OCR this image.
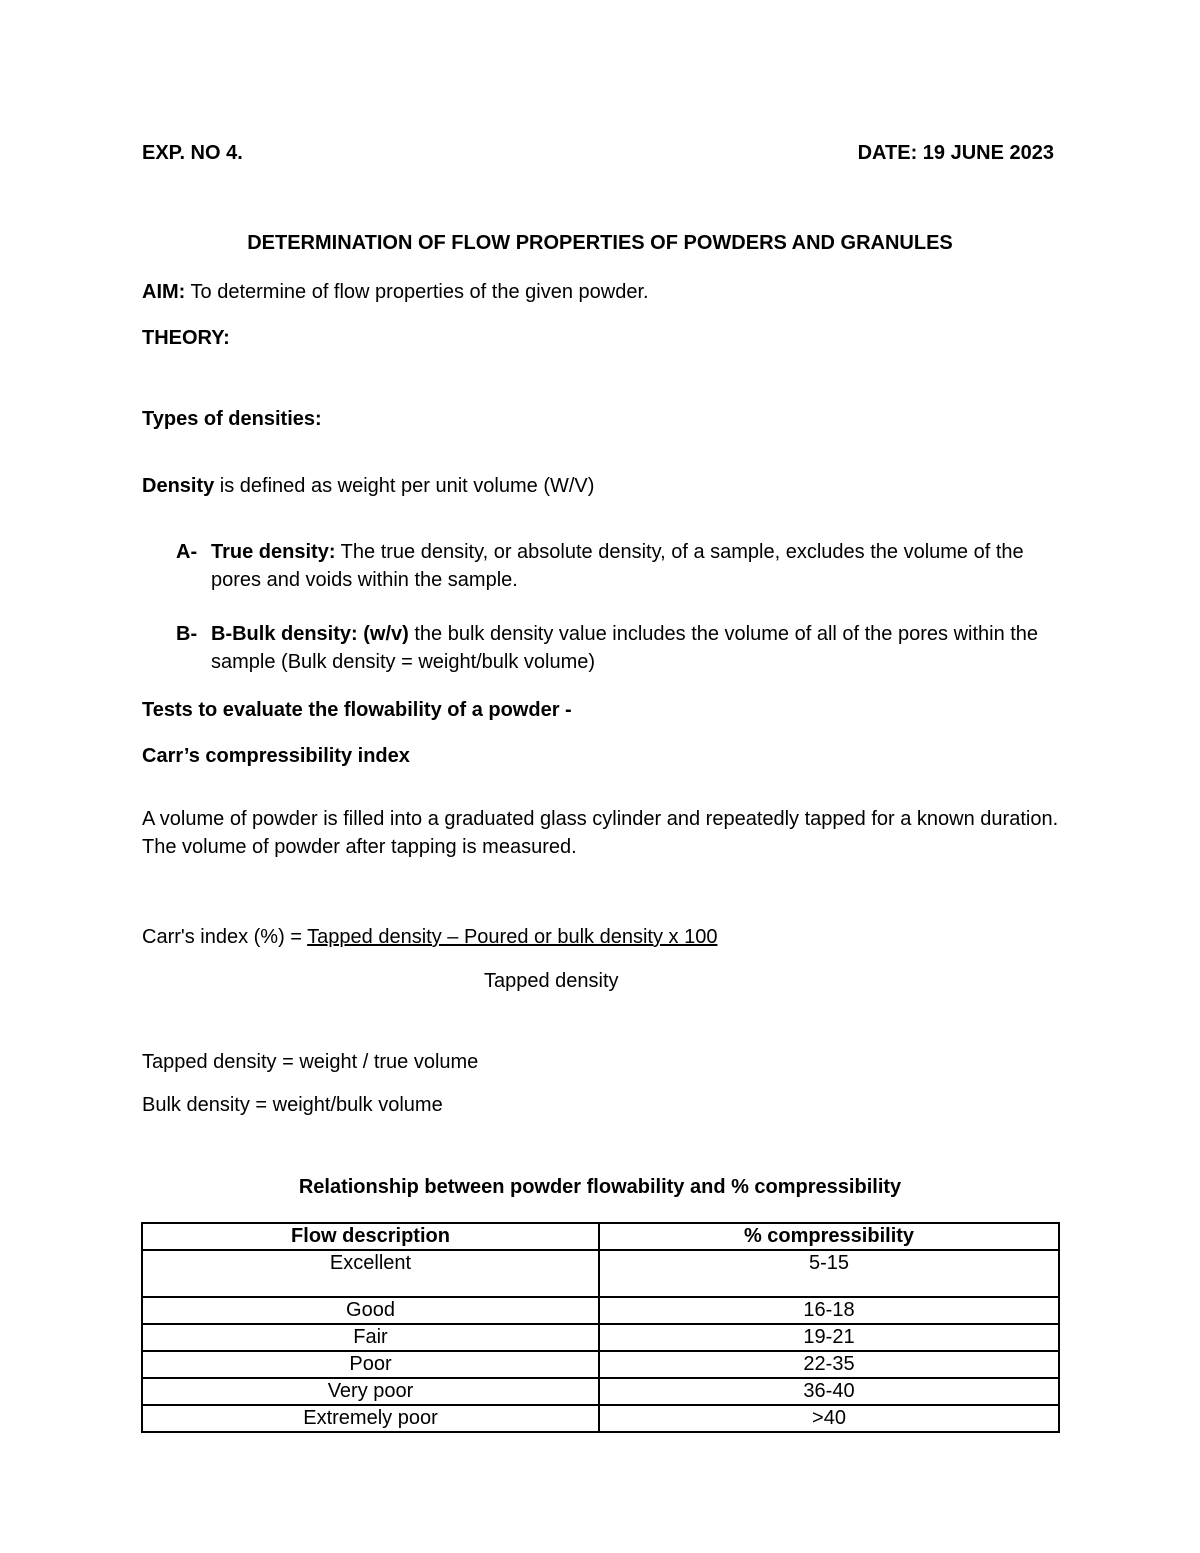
EXP. NO 4.	DATE: 19 JUNE 2023
DETERMINATION OF FLOW PROPERTIES OF POWDERS AND GRANULES
AIM: To determine of flow properties of the given powder.
THEORY:
Types of densities:
Density is defined as weight per unit volume (W/V)
A- True density: The true density, or absolute density, of a sample, excludes the volume of the pores and voids within the sample.
B- B-Bulk density: (w/v) the bulk density value includes the volume of all of the pores within the sample (Bulk density = weight/bulk volume)
Tests to evaluate the flowability of a powder -
Carr’s compressibility index
A volume of powder is filled into a graduated glass cylinder and repeatedly tapped for a known duration. The volume of powder after tapping is measured.
Carr's index (%) = Tapped density – Poured or bulk density x 100
Tapped density
Tapped density = weight / true volume
Bulk density = weight/bulk volume
Relationship between powder flowability and % compressibility
Flow description	% compressibility
Excellent	5-15
Good	16-18
Fair	19-21
Poor	22-35
Very poor	36-40
Extremely poor	>40
